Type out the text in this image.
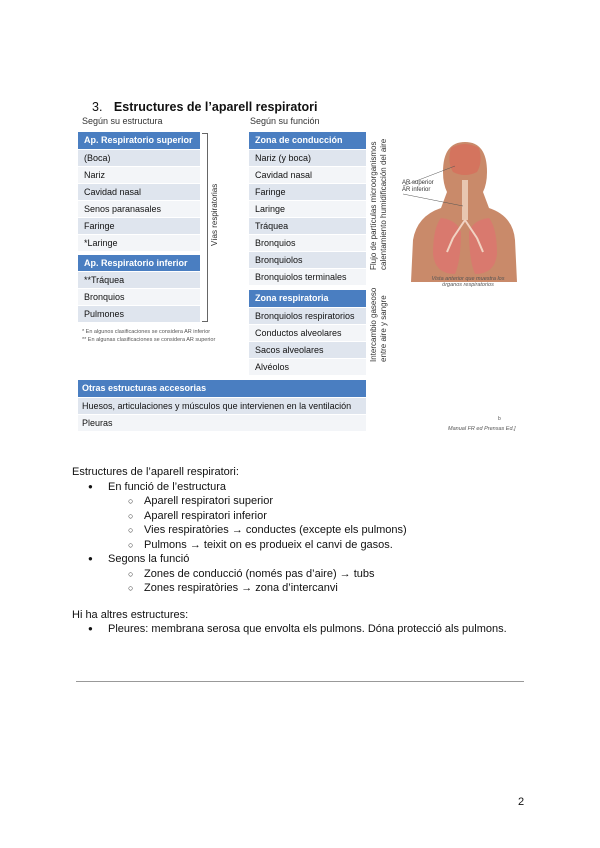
3. Estructures de l’aparell respiratori
Según su estructura	Según su función
Ap. Respiratorio superior
(Boca)
Nariz
Cavidad nasal
Senos paranasales
Faringe
*Laringe
Ap. Respiratorio inferior
**Tráquea
Bronquios
Pulmones
Vías respiratorias
* En algunos clasificaciones se considera AR inferior
** En algunas clasificaciones se considera AR superior
Zona de conducción
Nariz (y boca)
Cavidad nasal
Faringe
Laringe
Tráquea
Bronquios
Bronquiolos
Bronquiolos terminales
Flujo de partículas microorganismos calentamiento humidificación del aire
Zona respiratoria
Bronquiolos respiratorios
Conductos alveolares
Sacos alveolares
Alvéolos
Intercambio gaseoso entre aire y sangre
Otras estructuras accesorias
Huesos, articulaciones y músculos que intervienen en la ventilación
Pleuras
AR superior
AR inferior
Vista anterior que muestra los órganos respiratorios
b
Manual FR ed Prensas Ed.]

Estructures de l’aparell respiratori:

● En funció de l’estructura
○ Aparell respiratori superior
○ Aparell respiratori inferior
○ Vies respiratòries → conductes (excepte els pulmons)
○ Pulmons → teixit on es produeix el canvi de gasos.
● Segons la funció
○ Zones de conducció (només pas d’aire) → tubs
○ Zones respiratòries → zona d’intercanvi

Hi ha altres estructures:

● Pleures: membrana serosa que envolta els pulmons. Dóna protecció als pulmons.
2
